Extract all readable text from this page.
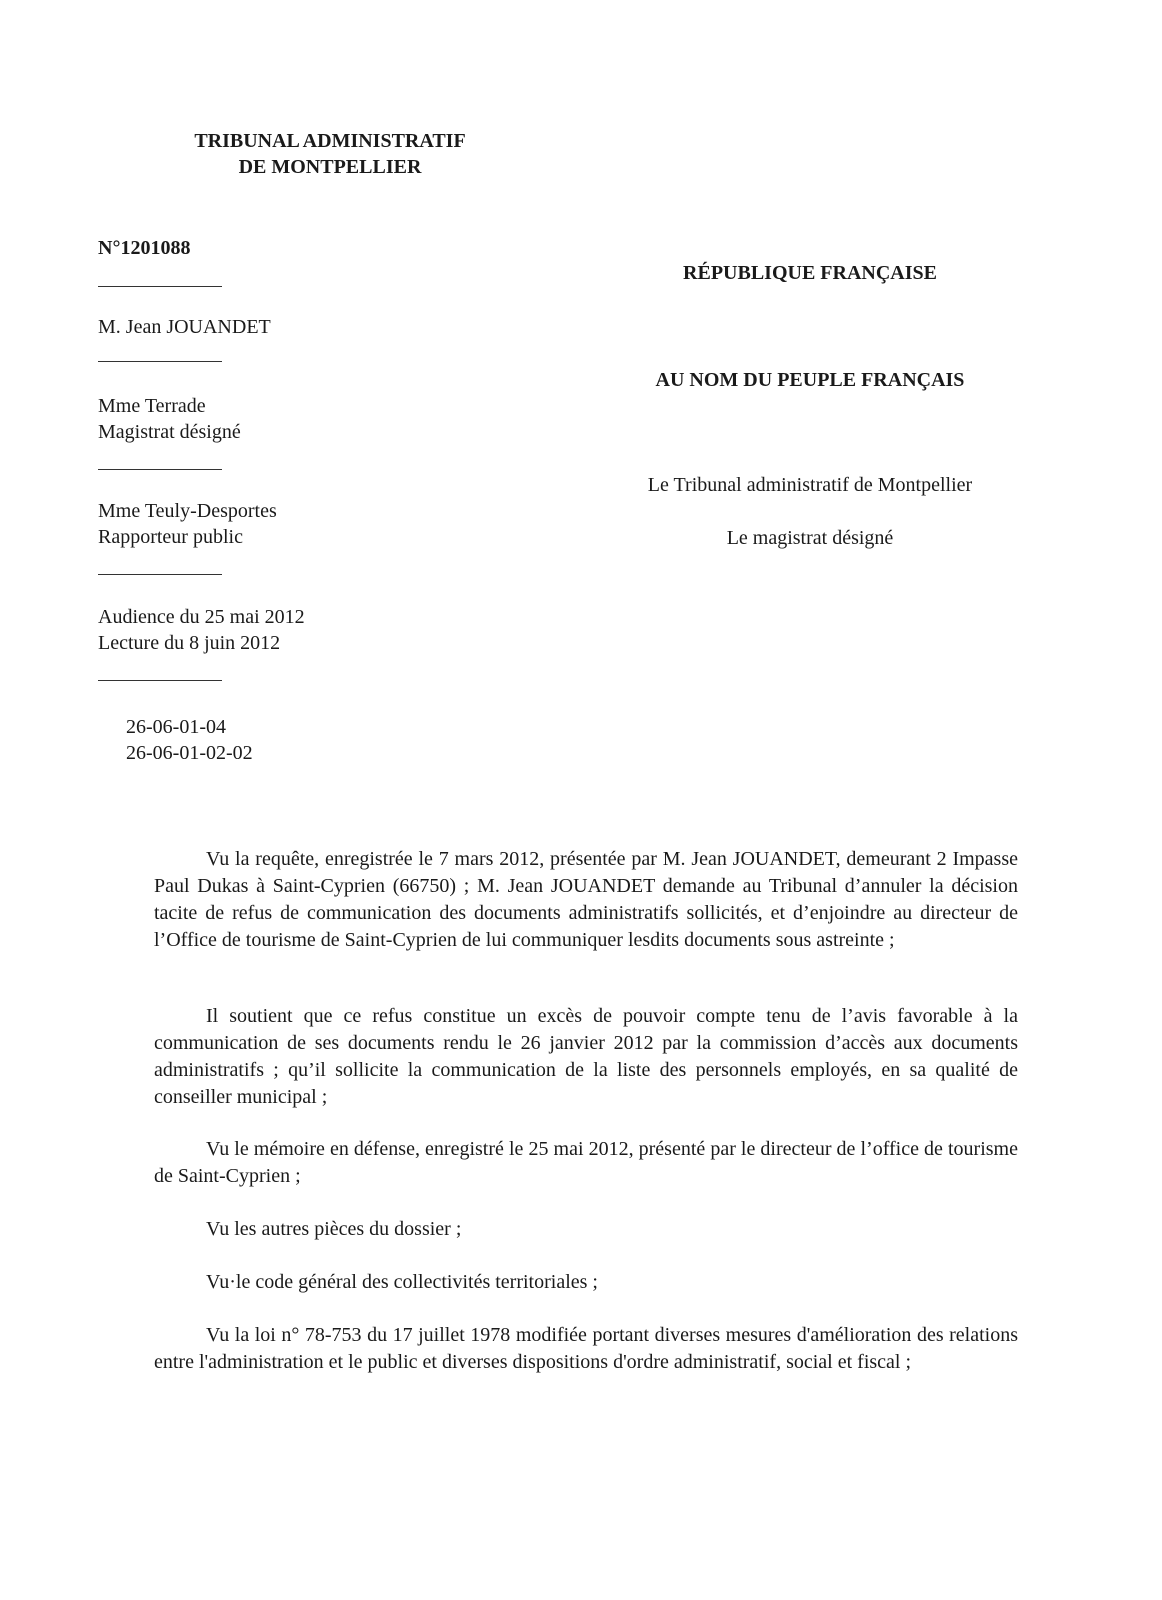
TRIBUNAL ADMINISTRATIF
DE MONTPELLIER
N°1201088
M. Jean JOUANDET
Mme Terrade
Magistrat désigné
Mme Teuly-Desportes
Rapporteur public
Audience du 25 mai 2012
Lecture du 8 juin 2012
26-06-01-04
26-06-01-02-02
RÉPUBLIQUE FRANÇAISE
AU NOM DU PEUPLE FRANÇAIS
Le Tribunal administratif de Montpellier
Le magistrat désigné

Vu la requête, enregistrée le 7 mars 2012, présentée par M. Jean JOUANDET, demeurant 2 Impasse Paul Dukas à Saint-Cyprien (66750) ; M. Jean JOUANDET demande au Tribunal d’annuler la décision tacite de refus de communication des documents administratifs sollicités, et d’enjoindre au directeur de l’Office de tourisme de Saint-Cyprien de lui communiquer lesdits documents sous astreinte ;

Il soutient que ce refus constitue un excès de pouvoir compte tenu de l’avis favorable à la communication de ses documents rendu le 26 janvier 2012 par la commission d’accès aux documents administratifs ; qu’il sollicite la communication de la liste des personnels employés, en sa qualité de conseiller municipal ;

Vu le mémoire en défense, enregistré le 25 mai 2012, présenté par le directeur de l’office de tourisme de Saint-Cyprien ;

Vu les autres pièces du dossier ;
Vu·le code général des collectivités territoriales ;

Vu la loi n° 78-753 du 17 juillet 1978 modifiée portant diverses mesures d'amélioration des relations entre l'administration et le public et diverses dispositions d'ordre administratif, social et fiscal ;
